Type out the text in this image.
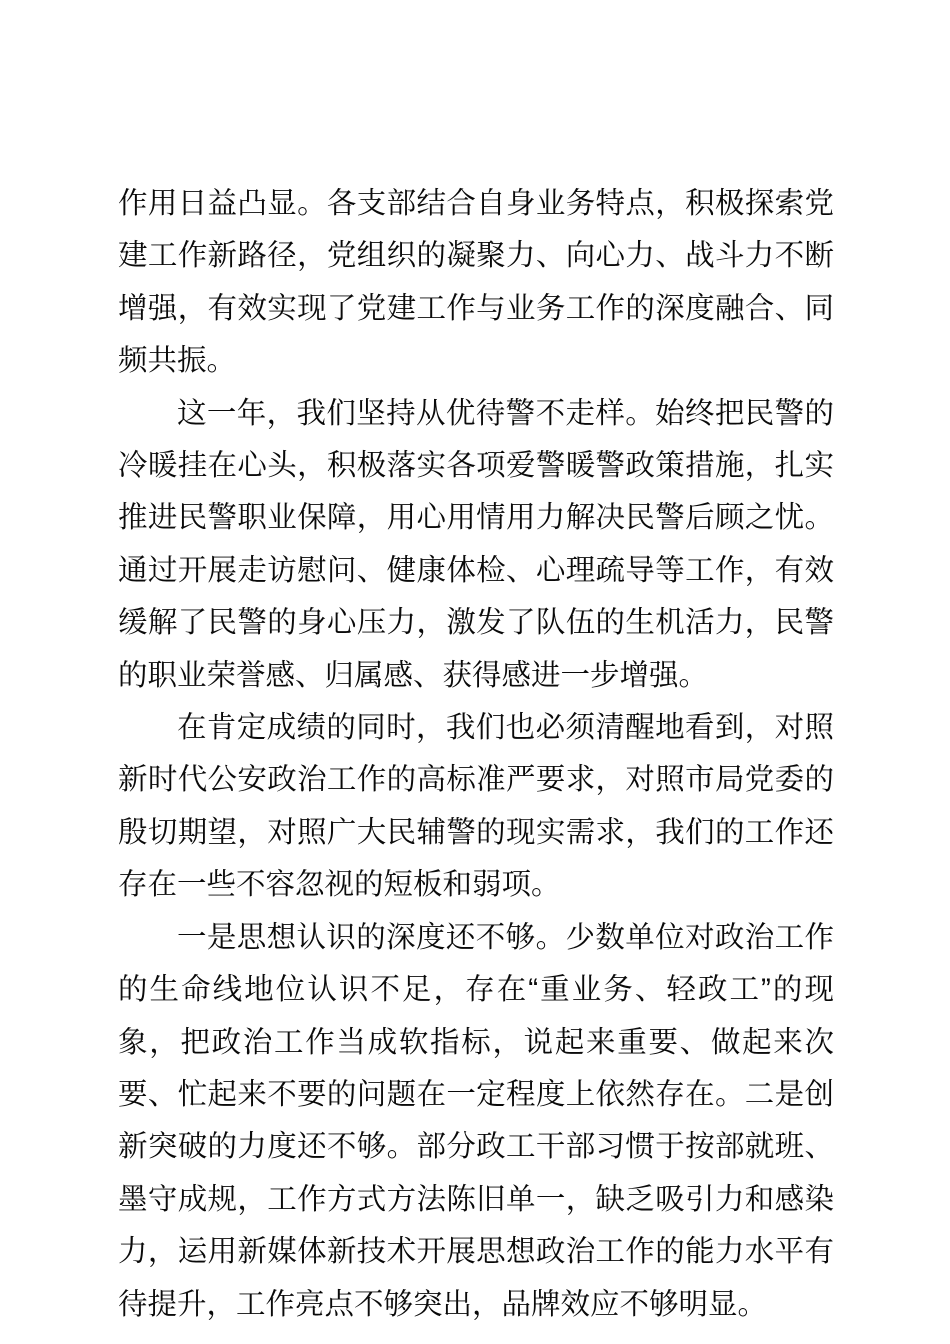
作用日益凸显。各支部结合自身业务特点，积极探索党建工作新路径，党组织的凝聚力、向心力、战斗力不断增强，有效实现了党建工作与业务工作的深度融合、同频共振。

这一年，我们坚持从优待警不走样。始终把民警的冷暖挂在心头，积极落实各项爱警暖警政策措施，扎实推进民警职业保障，用心用情用力解决民警后顾之忧。通过开展走访慰问、健康体检、心理疏导等工作，有效缓解了民警的身心压力，激发了队伍的生机活力，民警的职业荣誉感、归属感、获得感进一步增强。

在肯定成绩的同时，我们也必须清醒地看到，对照新时代公安政治工作的高标准严要求，对照市局党委的殷切期望，对照广大民辅警的现实需求，我们的工作还存在一些不容忽视的短板和弱项。

一是思想认识的深度还不够。少数单位对政治工作的生命线地位认识不足，存在“重业务、轻政工”的现象，把政治工作当成软指标，说起来重要、做起来次要、忙起来不要的问题在一定程度上依然存在。二是创新突破的力度还不够。部分政工干部习惯于按部就班、墨守成规，工作方式方法陈旧单一，缺乏吸引力和感染力，运用新媒体新技术开展思想政治工作的能力水平有待提升，工作亮点不够突出，品牌效应不够明显。
